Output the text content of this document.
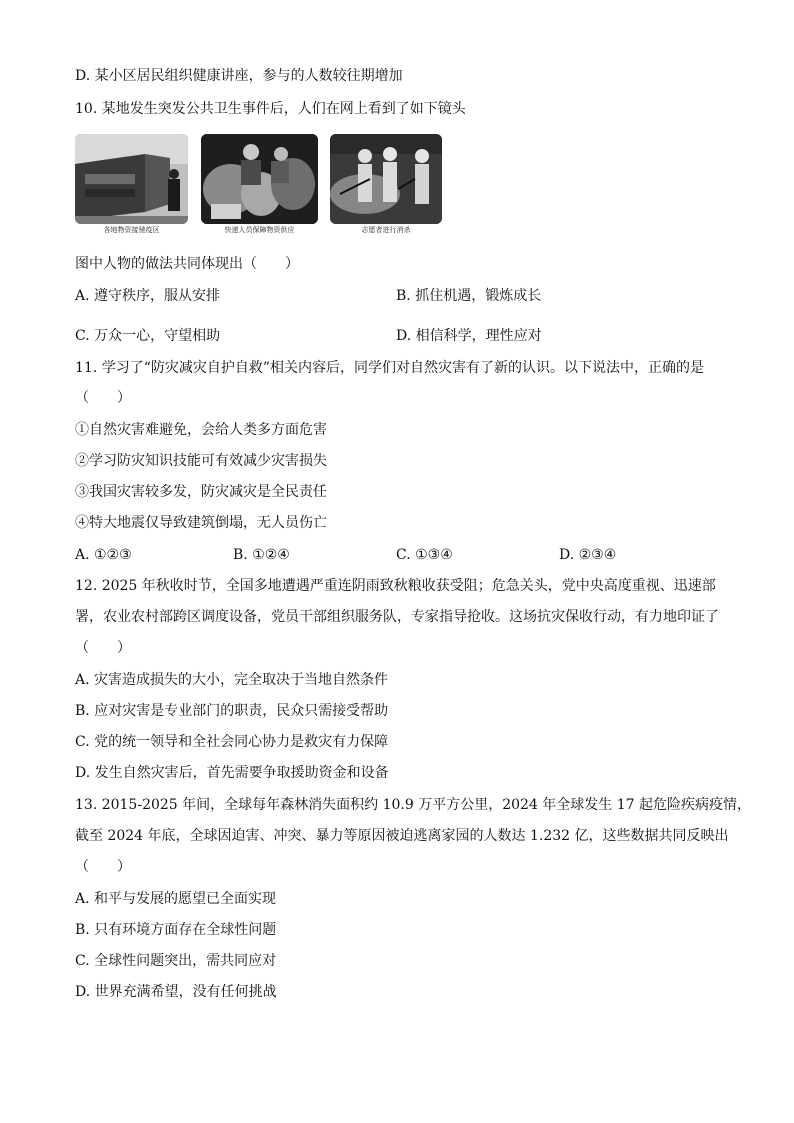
D. 某小区居民组织健康讲座，参与的人数较往期增加
10. 某地发生突发公共卫生事件后，人们在网上看到了如下镜头
各地物资接驰疫区	快递人员保障物资供应	志愿者进行消杀
图中人物的做法共同体现出（　　）
A. 遵守秩序，服从安排	B. 抓住机遇，锻炼成长
C. 万众一心，守望相助	D. 相信科学，理性应对
11. 学习了“防灾减灾自护自救”相关内容后，同学们对自然灾害有了新的认识。以下说法中，正确的是
（　　）
①自然灾害难避免，会给人类多方面危害
②学习防灾知识技能可有效减少灾害损失
③我国灾害较多发，防灾减灾是全民责任
④特大地震仅导致建筑倒塌，无人员伤亡
A. ①②③	B. ①②④	C. ①③④	D. ②③④
12. 2025 年秋收时节，全国多地遭遇严重连阴雨致秋粮收获受阻；危急关头，党中央高度重视、迅速部
署，农业农村部跨区调度设备，党员干部组织服务队，专家指导抢收。这场抗灾保收行动，有力地印证了
（　　）
A. 灾害造成损失的大小，完全取决于当地自然条件
B. 应对灾害是专业部门的职责，民众只需接受帮助
C. 党的统一领导和全社会同心协力是救灾有力保障
D. 发生自然灾害后，首先需要争取援助资金和设备
13. 2015-2025 年间，全球每年森林消失面积约 10.9 万平方公里，2024 年全球发生 17 起危险疾病疫情，
截至 2024 年底，全球因迫害、冲突、暴力等原因被迫逃离家园的人数达 1.232 亿，这些数据共同反映出
（　　）
A. 和平与发展的愿望已全面实现
B. 只有环境方面存在全球性问题
C. 全球性问题突出，需共同应对
D. 世界充满希望，没有任何挑战
